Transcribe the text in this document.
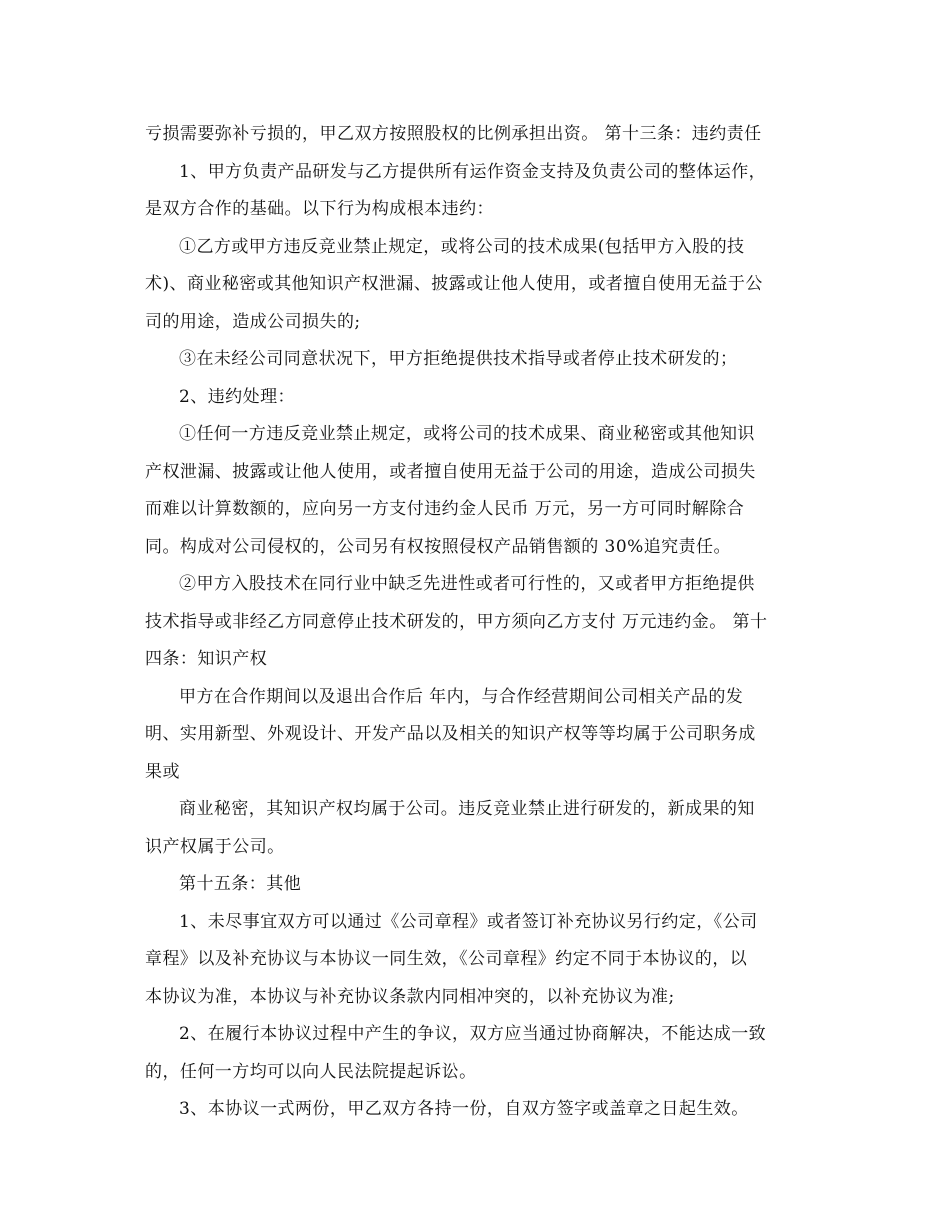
亏损需要弥补亏损的，甲乙双方按照股权的比例承担出资。 第十三条：违约责任
1、甲方负责产品研发与乙方提供所有运作资金支持及负责公司的整体运作，
是双方合作的基础。以下行为构成根本违约：
①乙方或甲方违反竞业禁止规定，或将公司的技术成果(包括甲方入股的技
术)、商业秘密或其他知识产权泄漏、披露或让他人使用，或者擅自使用无益于公
司的用途，造成公司损失的;
③在未经公司同意状况下，甲方拒绝提供技术指导或者停止技术研发的；
2、违约处理：
①任何一方违反竞业禁止规定，或将公司的技术成果、商业秘密或其他知识
产权泄漏、披露或让他人使用，或者擅自使用无益于公司的用途，造成公司损失
而难以计算数额的，应向另一方支付违约金人民币 万元，另一方可同时解除合
同。构成对公司侵权的，公司另有权按照侵权产品销售额的 30%追究责任。
②甲方入股技术在同行业中缺乏先进性或者可行性的，又或者甲方拒绝提供
技术指导或非经乙方同意停止技术研发的，甲方须向乙方支付 万元违约金。 第十
四条：知识产权
甲方在合作期间以及退出合作后 年内，与合作经营期间公司相关产品的发
明、实用新型、外观设计、开发产品以及相关的知识产权等等均属于公司职务成
果或
商业秘密，其知识产权均属于公司。违反竞业禁止进行研发的，新成果的知
识产权属于公司。
第十五条：其他
1、未尽事宜双方可以通过《公司章程》或者签订补充协议另行约定，《公司
章程》以及补充协议与本协议一同生效，《公司章程》约定不同于本协议的，以
本协议为准，本协议与补充协议条款内同相冲突的，以补充协议为准;
2、在履行本协议过程中产生的争议，双方应当通过协商解决，不能达成一致
的，任何一方均可以向人民法院提起诉讼。
3、本协议一式两份，甲乙双方各持一份，自双方签字或盖章之日起生效。
